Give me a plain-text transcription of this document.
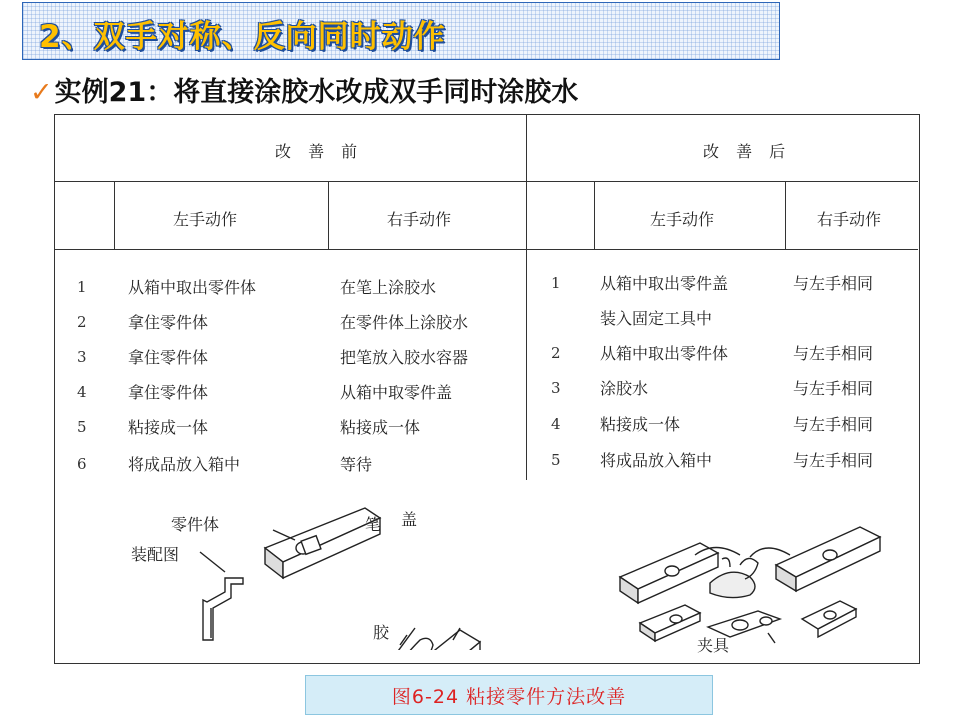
2、双手对称、反向同时动作
✓实例21：将直接涂胶水改成双手同时涂胶水
改 善 前	改 善 后
左手动作	右手动作	左手动作	右手动作
1	从箱中取出零件体	在笔上涂胶水
2	拿住零件体	在零件体上涂胶水
3	拿住零件体	把笔放入胶水容器
4	拿住零件体	从箱中取零件盖
5	粘接成一体	粘接成一体
6	将成品放入箱中	等待
1 从箱中取出零件盖	与左手相同
装入固定工具中
2 从箱中取出零件体	与左手相同
3 涂胶水	与左手相同
4 粘接成一体	与左手相同
5 将成品放入箱中	与左手相同
零件体
装配图
笔 盖
胶
夹具
图6-24 粘接零件方法改善
